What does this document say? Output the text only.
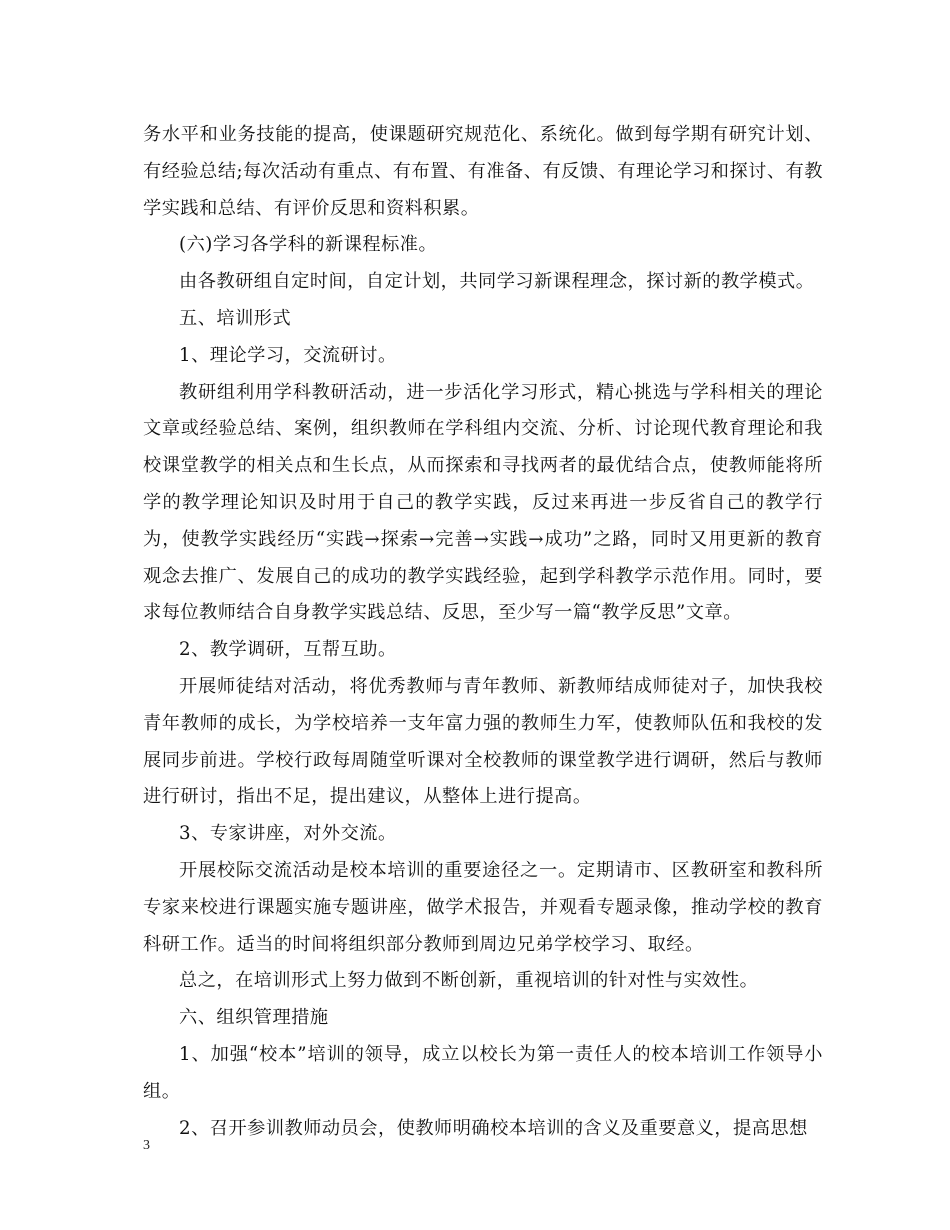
务水平和业务技能的提高，使课题研究规范化、系统化。做到每学期有研究计划、有经验总结;每次活动有重点、有布置、有准备、有反馈、有理论学习和探讨、有教学实践和总结、有评价反思和资料积累。

(六)学习各学科的新课程标准。

由各教研组自定时间，自定计划，共同学习新课程理念，探讨新的教学模式。

五、培训形式

1、理论学习，交流研讨。

教研组利用学科教研活动，进一步活化学习形式，精心挑选与学科相关的理论文章或经验总结、案例，组织教师在学科组内交流、分析、讨论现代教育理论和我校课堂教学的相关点和生长点，从而探索和寻找两者的最优结合点，使教师能将所学的教学理论知识及时用于自己的教学实践，反过来再进一步反省自己的教学行为，使教学实践经历“实践→探索→完善→实践→成功”之路，同时又用更新的教育观念去推广、发展自己的成功的教学实践经验，起到学科教学示范作用。同时，要求每位教师结合自身教学实践总结、反思，至少写一篇“教学反思”文章。

2、教学调研，互帮互助。

开展师徒结对活动，将优秀教师与青年教师、新教师结成师徒对子，加快我校青年教师的成长，为学校培养一支年富力强的教师生力军，使教师队伍和我校的发展同步前进。学校行政每周随堂听课对全校教师的课堂教学进行调研，然后与教师进行研讨，指出不足，提出建议，从整体上进行提高。

3、专家讲座，对外交流。

开展校际交流活动是校本培训的重要途径之一。定期请市、区教研室和教科所专家来校进行课题实施专题讲座，做学术报告，并观看专题录像，推动学校的教育科研工作。适当的时间将组织部分教师到周边兄弟学校学习、取经。

总之，在培训形式上努力做到不断创新，重视培训的针对性与实效性。

六、组织管理措施

1、加强“校本”培训的领导，成立以校长为第一责任人的校本培训工作领导小组。

2、召开参训教师动员会，使教师明确校本培训的含义及重要意义，提高思想

3
